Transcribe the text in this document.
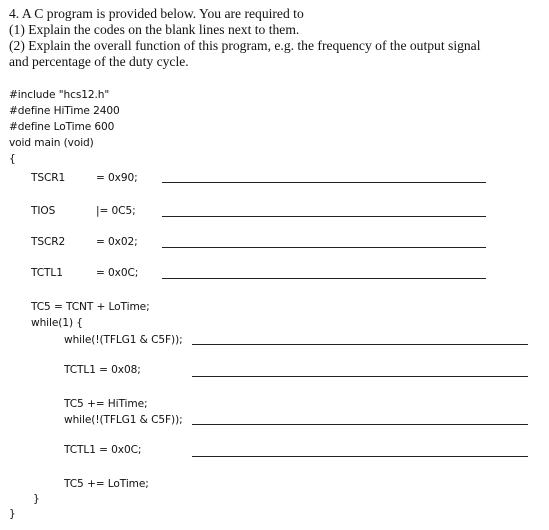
4. A C program is provided below. You are required to
(1) Explain the codes on the blank lines next to them.
(2) Explain the overall function of this program, e.g. the frequency of the output signal
and percentage of the duty cycle.
#include "hcs12.h"
#define HiTime 2400
#define LoTime 600
void main (void)
{
TSCR1	= 0x90;
TIOS	|= 0C5;
TSCR2	= 0x02;
TCTL1	= 0x0C;
TC5 = TCNT + LoTime;
while(1) {
while(!(TFLG1 & C5F));
TCTL1 = 0x08;
TC5 += HiTime;
while(!(TFLG1 & C5F));
TCTL1 = 0x0C;
TC5 += LoTime;
}
}
